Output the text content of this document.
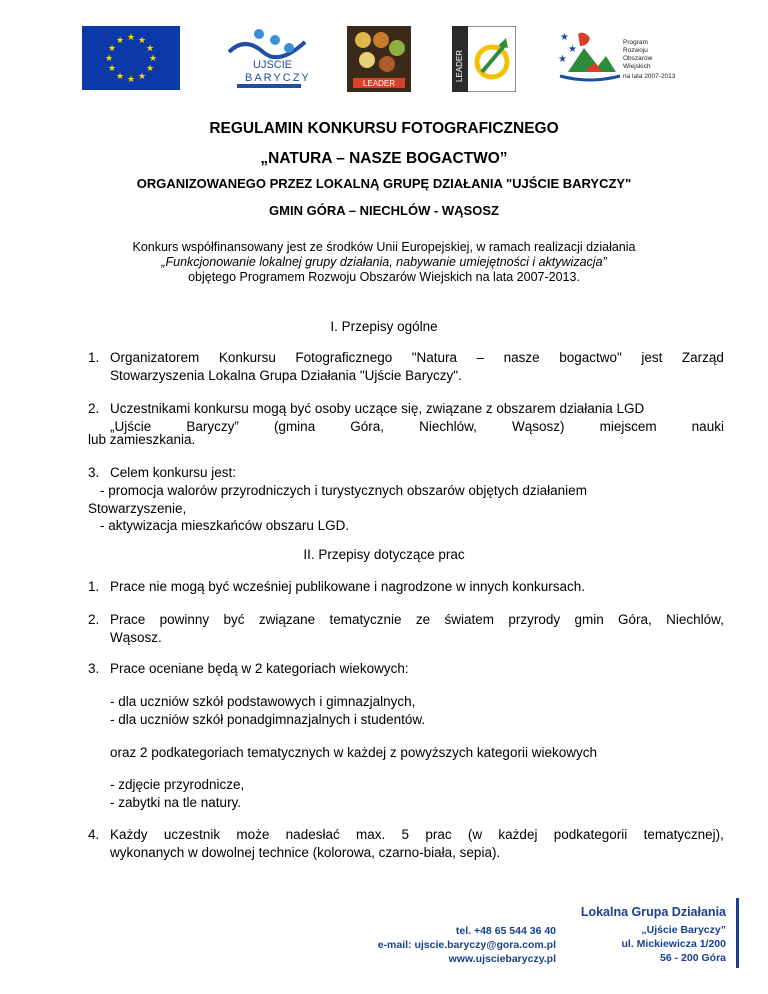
★ ★
★
★
★
★
★
★
★
★
★
★
UJŚCIE
BARYCZY	LEADER
LEADER
★
★
★
Program
Rozwoju
Obszarów
Wiejskich
na lata 2007-2013
REGULAMIN KONKURSU FOTOGRAFICZNEGO
„NATURA – NASZE BOGACTWO”
ORGANIZOWANEGO PRZEZ LOKALNĄ GRUPĘ DZIAŁANIA "UJŚCIE BARYCZY"
GMIN GÓRA – NIECHLÓW - WĄSOSZ
Konkurs współfinansowany jest ze środków Unii Europejskiej, w ramach realizacji działania
„Funkcjonowanie lokalnej grupy działania, nabywanie umiejętności i aktywizacja”
objętego Programem Rozwoju Obszarów Wiejskich na lata 2007-2013.
I. Przepisy ogólne
1. Organizatorem Konkursu Fotograficznego "Natura – nasze bogactwo" jest Zarząd
Stowarzyszenia Lokalna Grupa Działania "Ujście Baryczy".
2. Uczestnikami konkursu mogą być osoby uczące się, związane z obszarem działania LGD
„Ujście	Baryczy”	(gmina	Góra,	Niechlów,	Wąsosz)	miejscem	nauki
lub zamieszkania.
3. Celem konkursu jest:
- promocja walorów przyrodniczych i turystycznych obszarów objętych działaniem
Stowarzyszenie,
- aktywizacja mieszkańców obszaru LGD.
II. Przepisy dotyczące prac
1. Prace nie mogą być wcześniej publikowane i nagrodzone w innych konkursach.
2. Prace powinny być związane tematycznie ze światem przyrody gmin Góra, Niechlów,
Wąsosz.
3. Prace oceniane będą w 2 kategoriach wiekowych:
- dla uczniów szkół podstawowych i gimnazjalnych,
- dla uczniów szkół ponadgimnazjalnych i studentów.
oraz 2 podkategoriach tematycznych w każdej z powyższych kategorii wiekowych
- zdjęcie przyrodnicze,
- zabytki na tle natury.
4. Każdy uczestnik może nadesłać max. 5 prac (w każdej podkategorii tematycznej),
wykonanych w dowolnej technice (kolorowa, czarno-biała, sepia).
tel. +48 65 544 36 40
e-mail: ujscie.baryczy@gora.com.pl
www.ujsciebaryczy.pl
Lokalna Grupa Działania
„Ujście Baryczy”
ul. Mickiewicza 1/200
56 - 200 Góra
